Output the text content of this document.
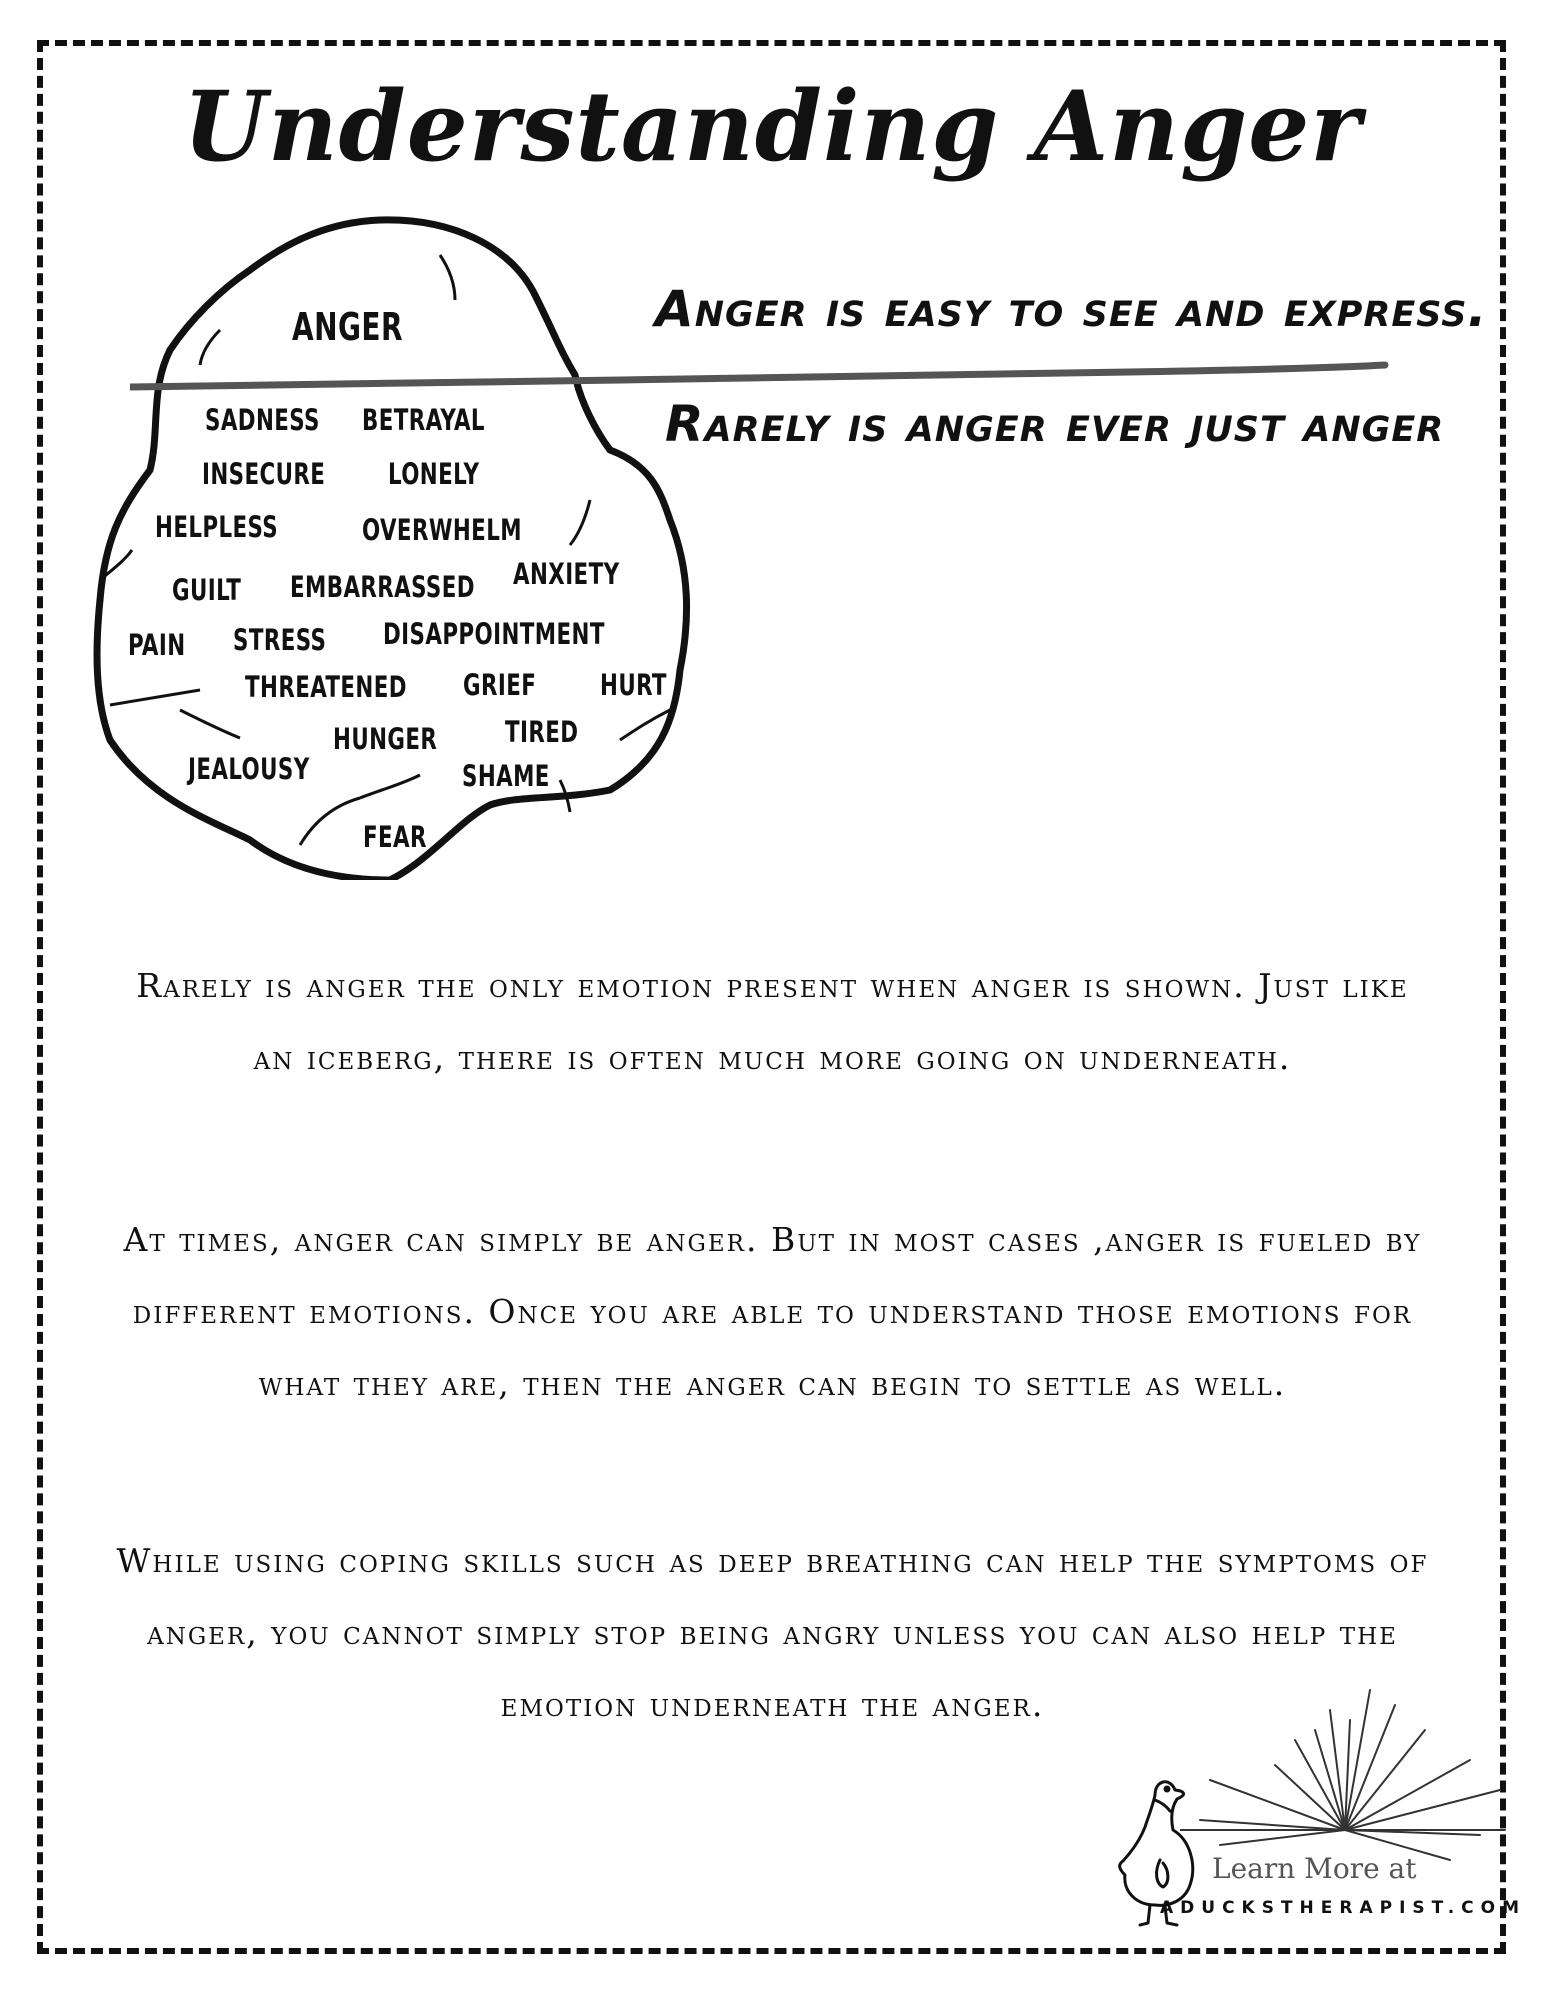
Understanding Anger
ANGER
SADNESS BETRAYAL
INSECURE LONELY
HELPLESS	OVERWHELM
GUILT EMBARRASSED ANXIETY
PAIN STRESS DISAPPOINTMENT
THREATENED GRIEF HURT
HUNGER TIRED
JEALOUSY	SHAME
FEAR
Anger is easy to see and express.
Rarely is anger ever just anger

Rarely is anger the only emotion present when anger is shown. Just like an iceberg, there is often much more going on underneath.

At times, anger can simply be anger. But in most cases ,anger is fueled by different emotions. Once you are able to understand those emotions for what they are, then the anger can begin to settle as well.

While using coping skills such as deep breathing can help the symptoms of anger, you cannot simply stop being angry unless you can also help the emotion underneath the anger.

Learn More at
ADUCKSTHERAPIST.COM
